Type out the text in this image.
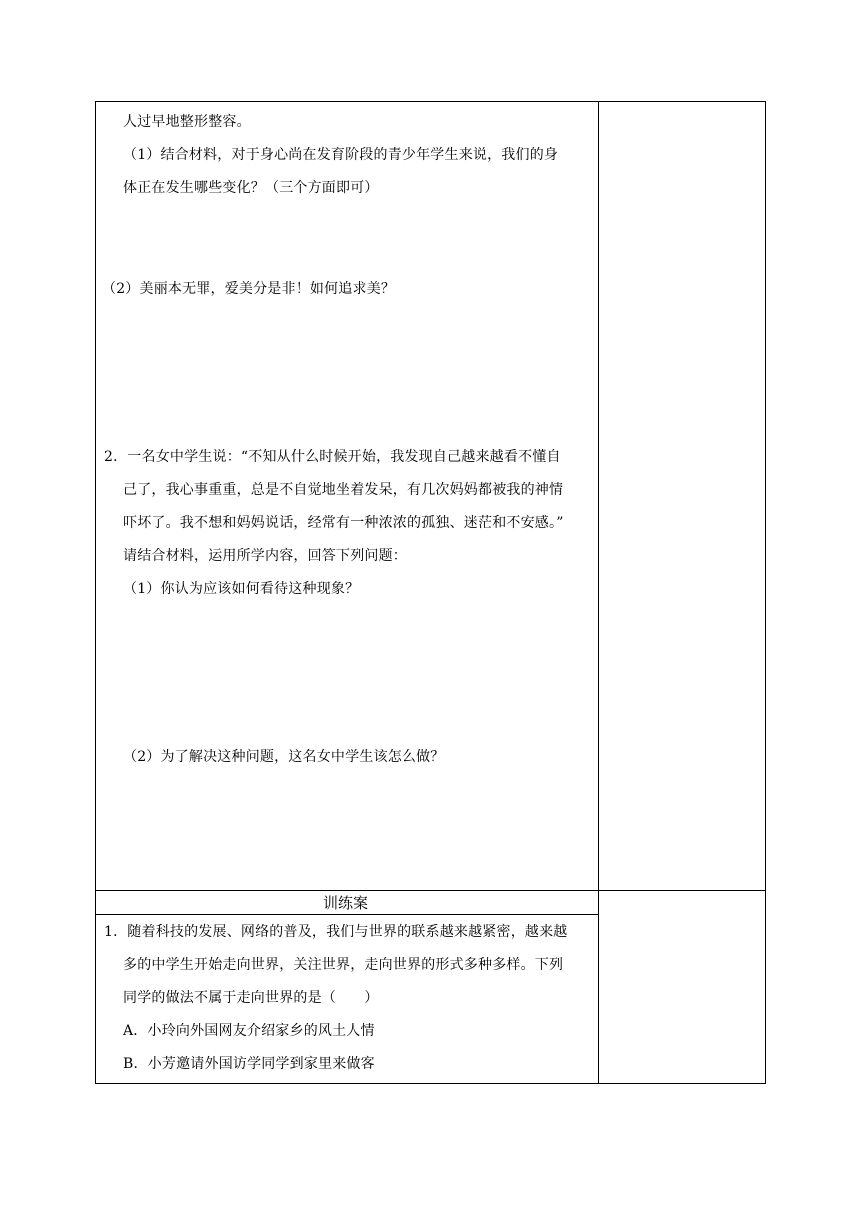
人过早地整形整容。
（1）结合材料，对于身心尚在发育阶段的青少年学生来说，我们的身
体正在发生哪些变化？（三个方面即可）
（2）美丽本无罪，爱美分是非！如何追求美？
2．一名女中学生说：“不知从什么时候开始，我发现自己越来越看不懂自
己了，我心事重重，总是不自觉地坐着发呆，有几次妈妈都被我的神情
吓坏了。我不想和妈妈说话，经常有一种浓浓的孤独、迷茫和不安感。”
请结合材料，运用所学内容，回答下列问题：
（1）你认为应该如何看待这种现象？
（2）为了解决这种问题，这名女中学生该怎么做？
训练案
1．随着科技的发展、网络的普及，我们与世界的联系越来越紧密，越来越
多的中学生开始走向世界，关注世界，走向世界的形式多种多样。下列
同学的做法不属于走向世界的是（　　）
A．小玲向外国网友介绍家乡的风土人情
B．小芳邀请外国访学同学到家里来做客
